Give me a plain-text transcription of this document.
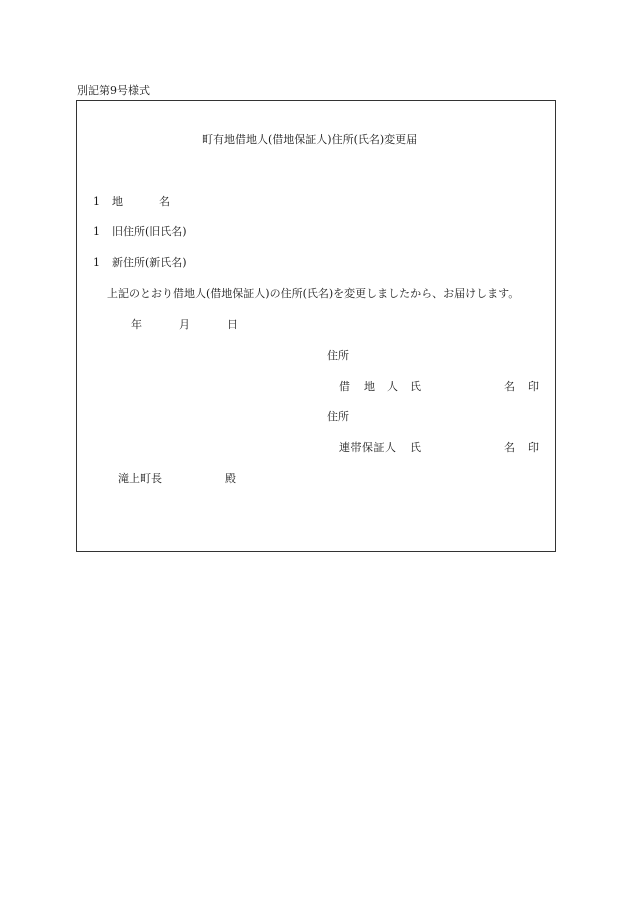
別記第9号様式
町有地借地人(借地保証人)住所(氏名)変更届
1 地	名
1 旧住所(旧氏名)
1 新住所(新氏名)
上記のとおり借地人(借地保証人)の住所(氏名)を変更しましたから、お届けします。
年	月	日
住所
借 地 人 氏	名 印
住所
連帯保証人 氏	名 印
滝上町長	殿
